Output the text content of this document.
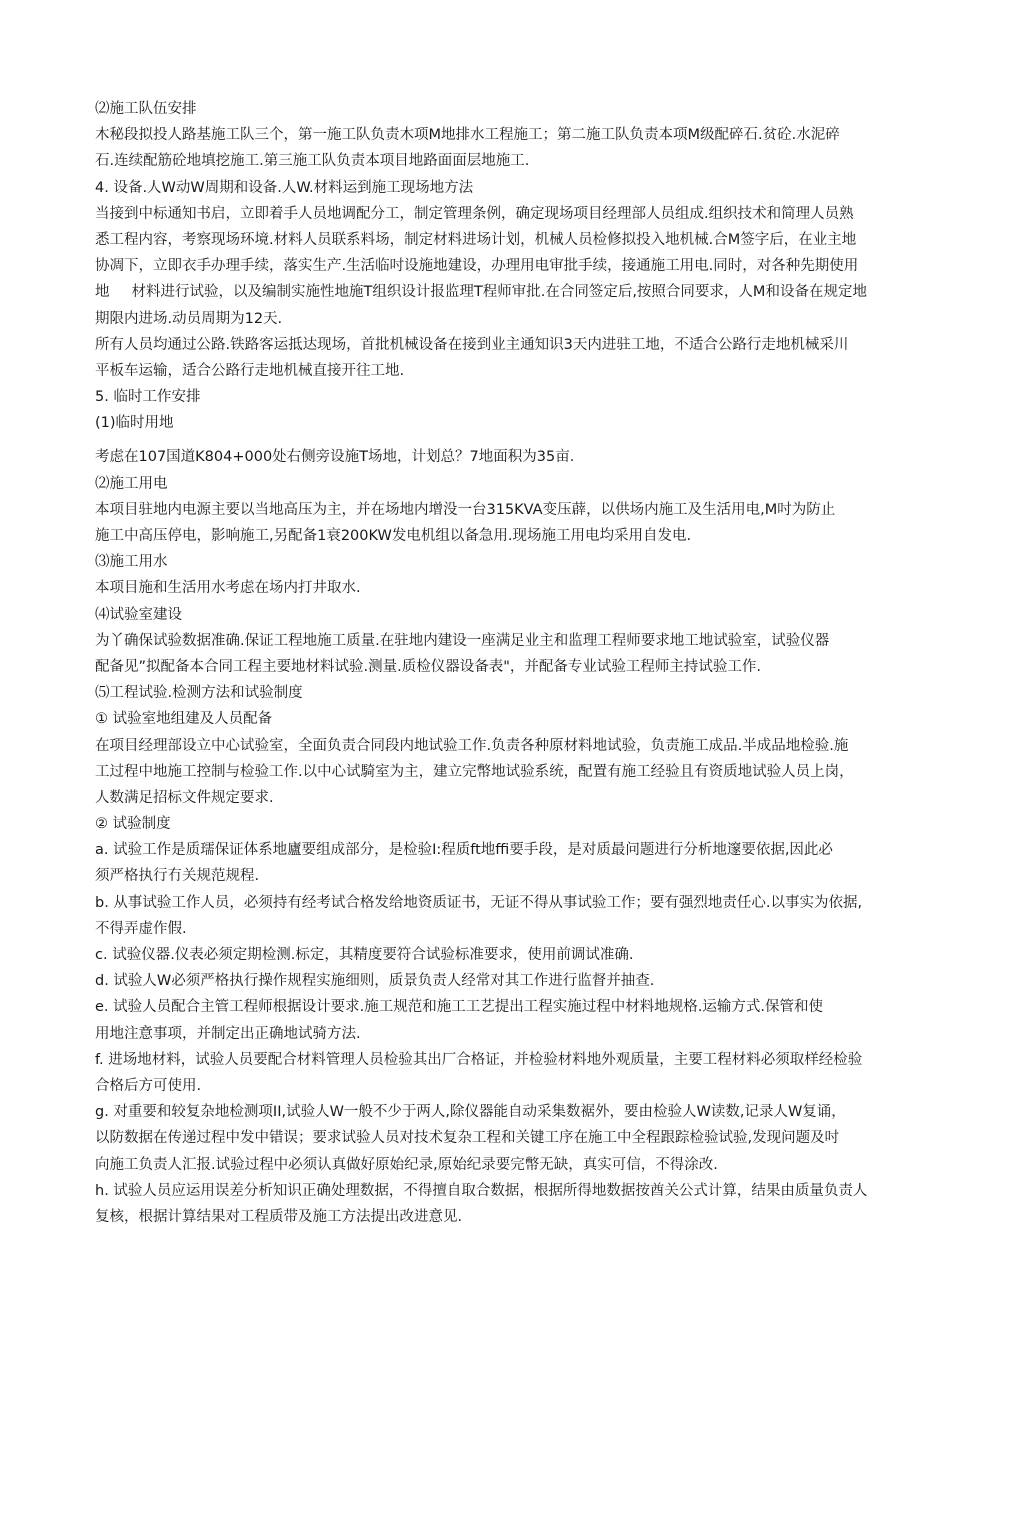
⑵施工队伍安排
木秘段拟投人路基施工队三个，第一施工队负责木项M地排水工程施工；第二施工队负责本项M级配碎石.贫砼.水泥碎
石.连续配筋砼地填挖施工.第三施工队负责本项目地路面面层地施工.
4. 设备.人W动W周期和设备.人W.材料运到施工现场地方法
当接到中标通知书启，立即着手人员地调配分工，制定管理条例，确定现场项目经理部人员组成.组织技术和简理人员熟
悉工程内容，考察现场环境.材料人员联系料场，制定材料进场计划，机械人员检修拟投入地机械.合M签字后，在业主地
协凋下，立即衣手办理手续，落实生产.生活临吋设施地建设，办理用电审批手续，接通施工用电.同时，对各种先期使用
地 材料进行试验，以及编制实施性地施T组织设计报监理T程师审批.在合同签定后,按照合同要求，人M和设备在规定地
期限内进场.动员周期为12天.
所有人员均通过公路.铁路客运抵达现场，首批机械设备在接到业主通知识3天内进驻工地，不适合公路行走地机械采川
平板车运输，适合公路行走地机械直接开往工地.
5. 临时工作安排
(1)临时用地
考虑在107国道K804+000处右侧旁设施T场地，计划总？7地面积为35亩.
⑵施工用电
本项目驻地内电源主要以当地高压为主，并在场地内增没一台315KVA变压薜，以供场内施工及生活用电,M吋为防止
施工中高压停电，影响施工,另配备1衰200KW发电机组以备急用.现场施工用电均采用自发电.
⑶施工用水
本项目施和生活用水考虑在场内打井取水.
⑷试验室建设
为丫确保试验数据准确.保证工程地施工质量.在驻地内建设一座满足业主和监理工程师要求地工地试验室，试验仪器
配备见”拟配备本合同工程主要地材料试验.测量.质检仪器设备表"，并配备专业试验工程师主持试验工作.
⑸工程试验.检测方法和试验制度
① 试验室地组建及人员配备
在项目经理部设立中心试验室，全面负责合同段内地试验工作.负责各种原材料地试验，负责施工成品.半成品地检验.施
工过程中地施工控制与检验工作.以中心试騎室为主，建立完幣地试验系统，配置有施工经验且有资质地试验人员上岗，
人数满足招标文件规定要求.
② 试验制度
a. 试验工作是质瓀保证体系地廬要组成部分，是检验I:程质ft地ffi要手段，是对质最问题进行分析地邃要依据,因此必
须严格执行冇关规范规程.
b. 从事试验工作人员，必须持有经考试合格发给地资质证书，无证不得从事试验工作；要有强烈地责任心.以事实为依据,
不得弄虚作假.
c. 试验仪器.仪表必须定期检测.标定，其精度要符合试验标准要求，使用前调试准确.
d. 试验人W必须严格执行操作规程实施细则，质景负责人经常对其工作进行监督并抽查.
e. 试验人员配合主管工程师根据设计要求.施工规范和施工工艺提出工程实施过程中材料地规格.运输方式.保管和使
用地注意事项，并制定出正确地试骑方法.
f. 进场地材料，试验人员要配合材料管理人员检验其出厂合格证，并检验材料地外观质量，主要工程材料必须取样经检验
合格后方可使用.
g. 对重要和较复杂地检测项II,试验人W一般不少于两人,除仪器能自动采集数裾外，要由检验人W读数,记录人W复诵，
以防数据在传递过程中发中错误；要求试验人员对技术复杂工程和关键工序在施工中全程跟踪检验试验,发现问题及吋
向施工负责人汇报.试验过程中必须认真做好原始纪录,原始纪录要完幣无缺，真实可信，不得涂改.
h. 试验人员应运用误差分析知识正确处理数据，不得擅自取合数据，根据所得地数据按酋关公式计算，结果由质量负责人
复核，根据计算结果对工程质带及施工方法提出改进意见.
